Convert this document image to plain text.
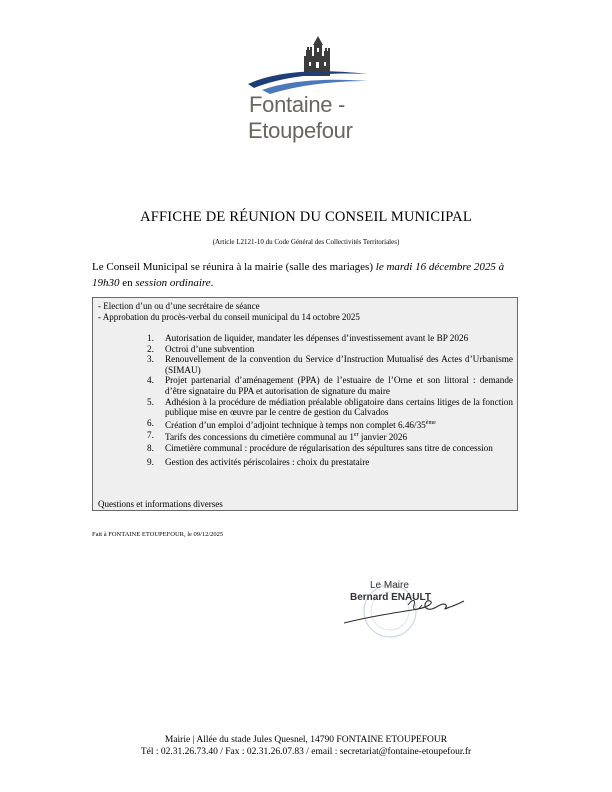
Fontaine -
Etoupefour
AFFICHE DE RÉUNION DU CONSEIL MUNICIPAL
(Article L2121-10 du Code Général des Collectivités Territoriales)
Le Conseil Municipal se réunira à la mairie (salle des mariages) le mardi 16 décembre 2025 à 19h30 en session ordinaire.
- Election d’un ou d’une secrétaire de séance
- Approbation du procès-verbal du conseil municipal du 14 octobre 2025
1.	Autorisation de liquider, mandater les dépenses d’investissement avant le BP 2026
2.	Octroi d’une subvention
3.	Renouvellement de la convention du Service d’Instruction Mutualisé des Actes d’Urbanisme (SIMAU)
4.	Projet partenarial d’aménagement (PPA) de l’estuaire de l’Orne et son littoral : demande d’être signataire du PPA et autorisation de signature du maire
5.	Adhésion à la procédure de médiation préalable obligatoire dans certains litiges de la fonction publique mise en œuvre par le centre de gestion du Calvados
6.	Création d’un emploi d’adjoint technique à temps non complet 6.46/35ème
7.	Tarifs des concessions du cimetière communal au 1er janvier 2026
8.	Cimetière communal : procédure de régularisation des sépultures sans titre de concession
9.	Gestion des activités périscolaires : choix du prestataire
Questions et informations diverses
Fait à FONTAINE ETOUPEFOUR, le 09/12/2025
Le Maire
Bernard ENAULT
Mairie | Allée du stade Jules Quesnel, 14790 FONTAINE ETOUPEFOUR
Tél : 02.31.26.73.40 / Fax : 02.31.26.07.83 / email : secretariat@fontaine-etoupefour.fr
